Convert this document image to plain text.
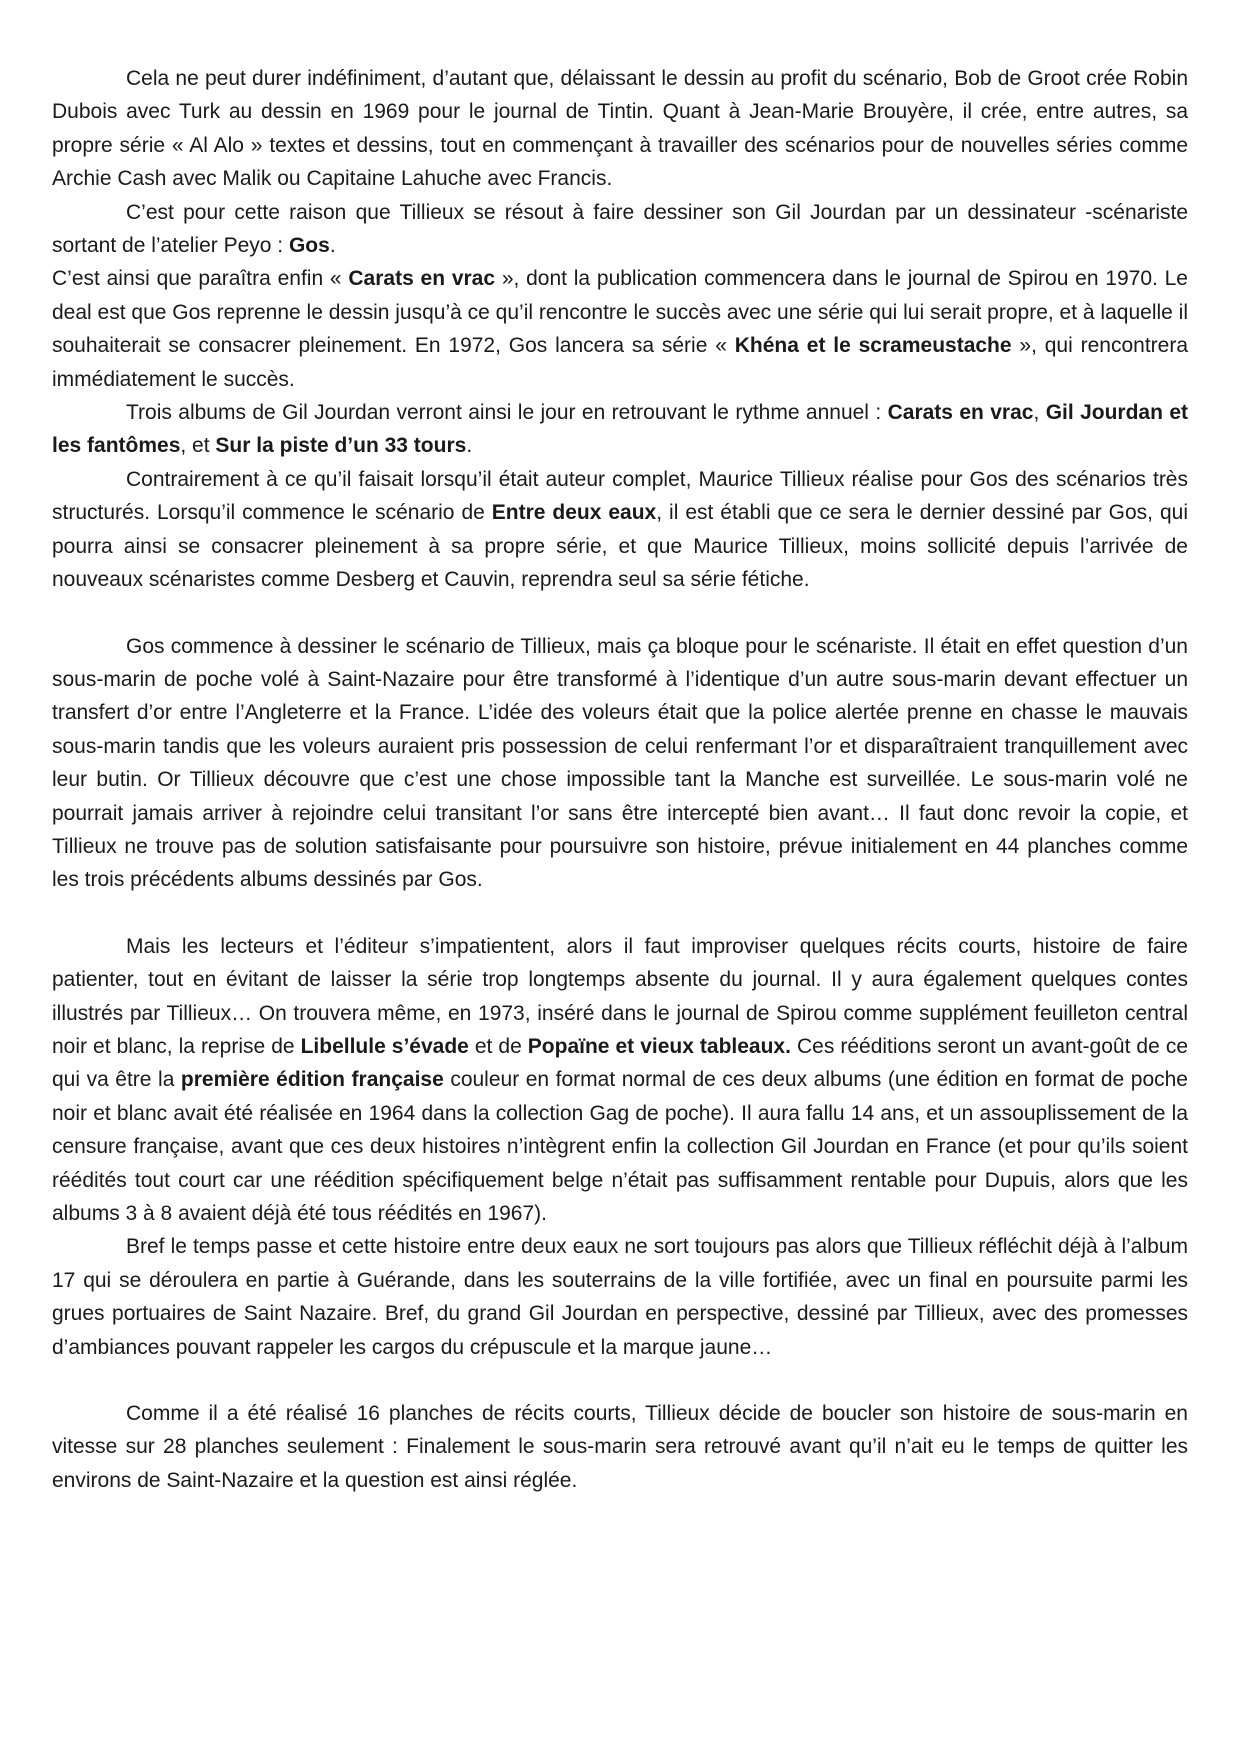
Cela ne peut durer indéfiniment, d’autant que, délaissant le dessin au profit du scénario, Bob de Groot crée Robin Dubois avec Turk au dessin en 1969 pour le journal de Tintin. Quant à Jean-Marie Brouyère, il crée, entre autres, sa propre série « Al Alo » textes et dessins, tout en commençant à travailler des scénarios pour de nouvelles séries comme Archie Cash avec Malik ou Capitaine Lahuche avec Francis.

C’est pour cette raison que Tillieux se résout à faire dessiner son Gil Jourdan par un dessinateur -scénariste sortant de l’atelier Peyo : Gos.

C’est ainsi que paraîtra enfin « Carats en vrac », dont la publication commencera dans le journal de Spirou en 1970. Le deal est que Gos reprenne le dessin jusqu’à ce qu’il rencontre le succès avec une série qui lui serait propre, et à laquelle il souhaiterait se consacrer pleinement. En 1972, Gos lancera sa série « Khéna et le scrameustache », qui rencontrera immédiatement le succès.

Trois albums de Gil Jourdan verront ainsi le jour en retrouvant le rythme annuel : Carats en vrac, Gil Jourdan et les fantômes, et Sur la piste d’un 33 tours.

Contrairement à ce qu’il faisait lorsqu’il était auteur complet, Maurice Tillieux réalise pour Gos des scénarios très structurés. Lorsqu’il commence le scénario de Entre deux eaux, il est établi que ce sera le dernier dessiné par Gos, qui pourra ainsi se consacrer pleinement à sa propre série, et que Maurice Tillieux, moins sollicité depuis l’arrivée de nouveaux scénaristes comme Desberg et Cauvin, reprendra seul sa série fétiche.

Gos commence à dessiner le scénario de Tillieux, mais ça bloque pour le scénariste. Il était en effet question d’un sous-marin de poche volé à Saint-Nazaire pour être transformé à l’identique d’un autre sous-marin devant effectuer un transfert d’or entre l’Angleterre et la France. L’idée des voleurs était que la police alertée prenne en chasse le mauvais sous-marin tandis que les voleurs auraient pris possession de celui renfermant l’or et disparaîtraient tranquillement avec leur butin. Or Tillieux découvre que c’est une chose impossible tant la Manche est surveillée. Le sous-marin volé ne pourrait jamais arriver à rejoindre celui transitant l’or sans être intercepté bien avant… Il faut donc revoir la copie, et Tillieux ne trouve pas de solution satisfaisante pour poursuivre son histoire, prévue initialement en 44 planches comme les trois précédents albums dessinés par Gos.

Mais les lecteurs et l’éditeur s’impatientent, alors il faut improviser quelques récits courts, histoire de faire patienter, tout en évitant de laisser la série trop longtemps absente du journal. Il y aura également quelques contes illustrés par Tillieux… On trouvera même, en 1973, inséré dans le journal de Spirou comme supplément feuilleton central noir et blanc, la reprise de Libellule s’évade et de Popaïne et vieux tableaux. Ces rééditions seront un avant-goût de ce qui va être la première édition française couleur en format normal de ces deux albums (une édition en format de poche noir et blanc avait été réalisée en 1964 dans la collection Gag de poche). Il aura fallu 14 ans, et un assouplissement de la censure française, avant que ces deux histoires n’intègrent enfin la collection Gil Jourdan en France (et pour qu’ils soient réédités tout court car une réédition spécifiquement belge n’était pas suffisamment rentable pour Dupuis, alors que les albums 3 à 8 avaient déjà été tous réédités en 1967).

Bref le temps passe et cette histoire entre deux eaux ne sort toujours pas alors que Tillieux réfléchit déjà à l’album 17 qui se déroulera en partie à Guérande, dans les souterrains de la ville fortifiée, avec un final en poursuite parmi les grues portuaires de Saint Nazaire. Bref, du grand Gil Jourdan en perspective, dessiné par Tillieux, avec des promesses d’ambiances pouvant rappeler les cargos du crépuscule et la marque jaune…

Comme il a été réalisé 16 planches de récits courts, Tillieux décide de boucler son histoire de sous-marin en vitesse sur 28 planches seulement : Finalement le sous-marin sera retrouvé avant qu’il n’ait eu le temps de quitter les environs de Saint-Nazaire et la question est ainsi réglée.
